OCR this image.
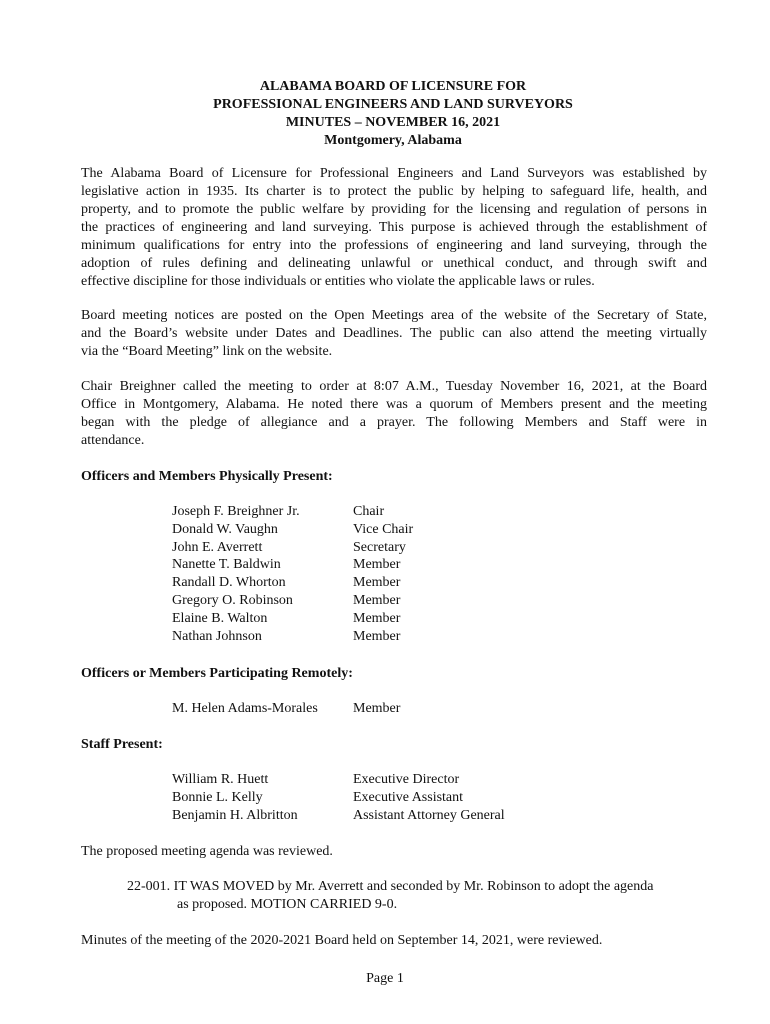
ALABAMA BOARD OF LICENSURE FOR
PROFESSIONAL ENGINEERS AND LAND SURVEYORS
MINUTES – NOVEMBER 16, 2021
Montgomery, Alabama
The Alabama Board of Licensure for Professional Engineers and Land Surveyors was established by
legislative action in 1935. Its charter is to protect the public by helping to safeguard life, health, and
property, and to promote the public welfare by providing for the licensing and regulation of persons in
the practices of engineering and land surveying. This purpose is achieved through the establishment of
minimum qualifications for entry into the professions of engineering and land surveying, through the
adoption of rules defining and delineating unlawful or unethical conduct, and through swift and
effective discipline for those individuals or entities who violate the applicable laws or rules.
Board meeting notices are posted on the Open Meetings area of the website of the Secretary of State,
and the Board’s website under Dates and Deadlines. The public can also attend the meeting virtually
via the “Board Meeting” link on the website.
Chair Breighner called the meeting to order at 8:07 A.M., Tuesday November 16, 2021, at the Board
Office in Montgomery, Alabama. He noted there was a quorum of Members present and the meeting
began with the pledge of allegiance and a prayer. The following Members and Staff were in
attendance.
Officers and Members Physically Present:
Joseph F. Breighner Jr.	Chair
Donald W. Vaughn	Vice Chair
John E. Averrett	Secretary
Nanette T. Baldwin	Member
Randall D. Whorton	Member
Gregory O. Robinson	Member
Elaine B. Walton	Member
Nathan Johnson	Member
Officers or Members Participating Remotely:
M. Helen Adams-Morales	Member
Staff Present:
William R. Huett	Executive Director
Bonnie L. Kelly	Executive Assistant
Benjamin H. Albritton	Assistant Attorney General
The proposed meeting agenda was reviewed.
22-001. IT WAS MOVED by Mr. Averrett and seconded by Mr. Robinson to adopt the agenda
as proposed. MOTION CARRIED 9-0.
Minutes of the meeting of the 2020-2021 Board held on September 14, 2021, were reviewed.
Page 1
